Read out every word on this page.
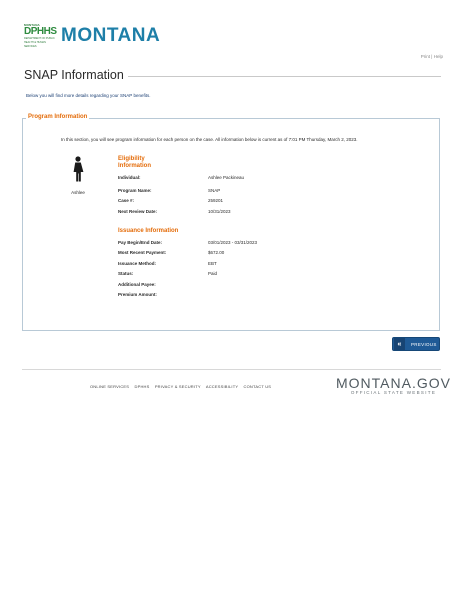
MONTANA
DPHHS
DEPARTMENT OF PUBLIC HEALTH & HUMAN SERVICES
MONTANA
Print | Help
SNAP Information
Below you will find more details regarding your SNAP benefits.
Program Information
In this section, you will see program information for each person on the case. All information below is current as of 7:01 PM Thursday, March 2, 2023.
Ashlee
Eligibility Information
Individual:	Ashlee Packineau
Program Name:	SNAP
Case #:	259201
Next Review Date:	10/31/2023
Issuance Information
Pay Begin/End Date:	03/01/2023 - 03/31/2023
Most Recent Payment:	$672.00
Issuance Method:	EBT
Status:	Paid
Additional Payee:
Premium Amount:
«	PREVIOUS
ONLINE SERVICES DPHHS PRIVACY & SECURITY ACCESSIBILITY CONTACT US	MONTANA.GOV
OFFICIAL STATE WEBSITE
